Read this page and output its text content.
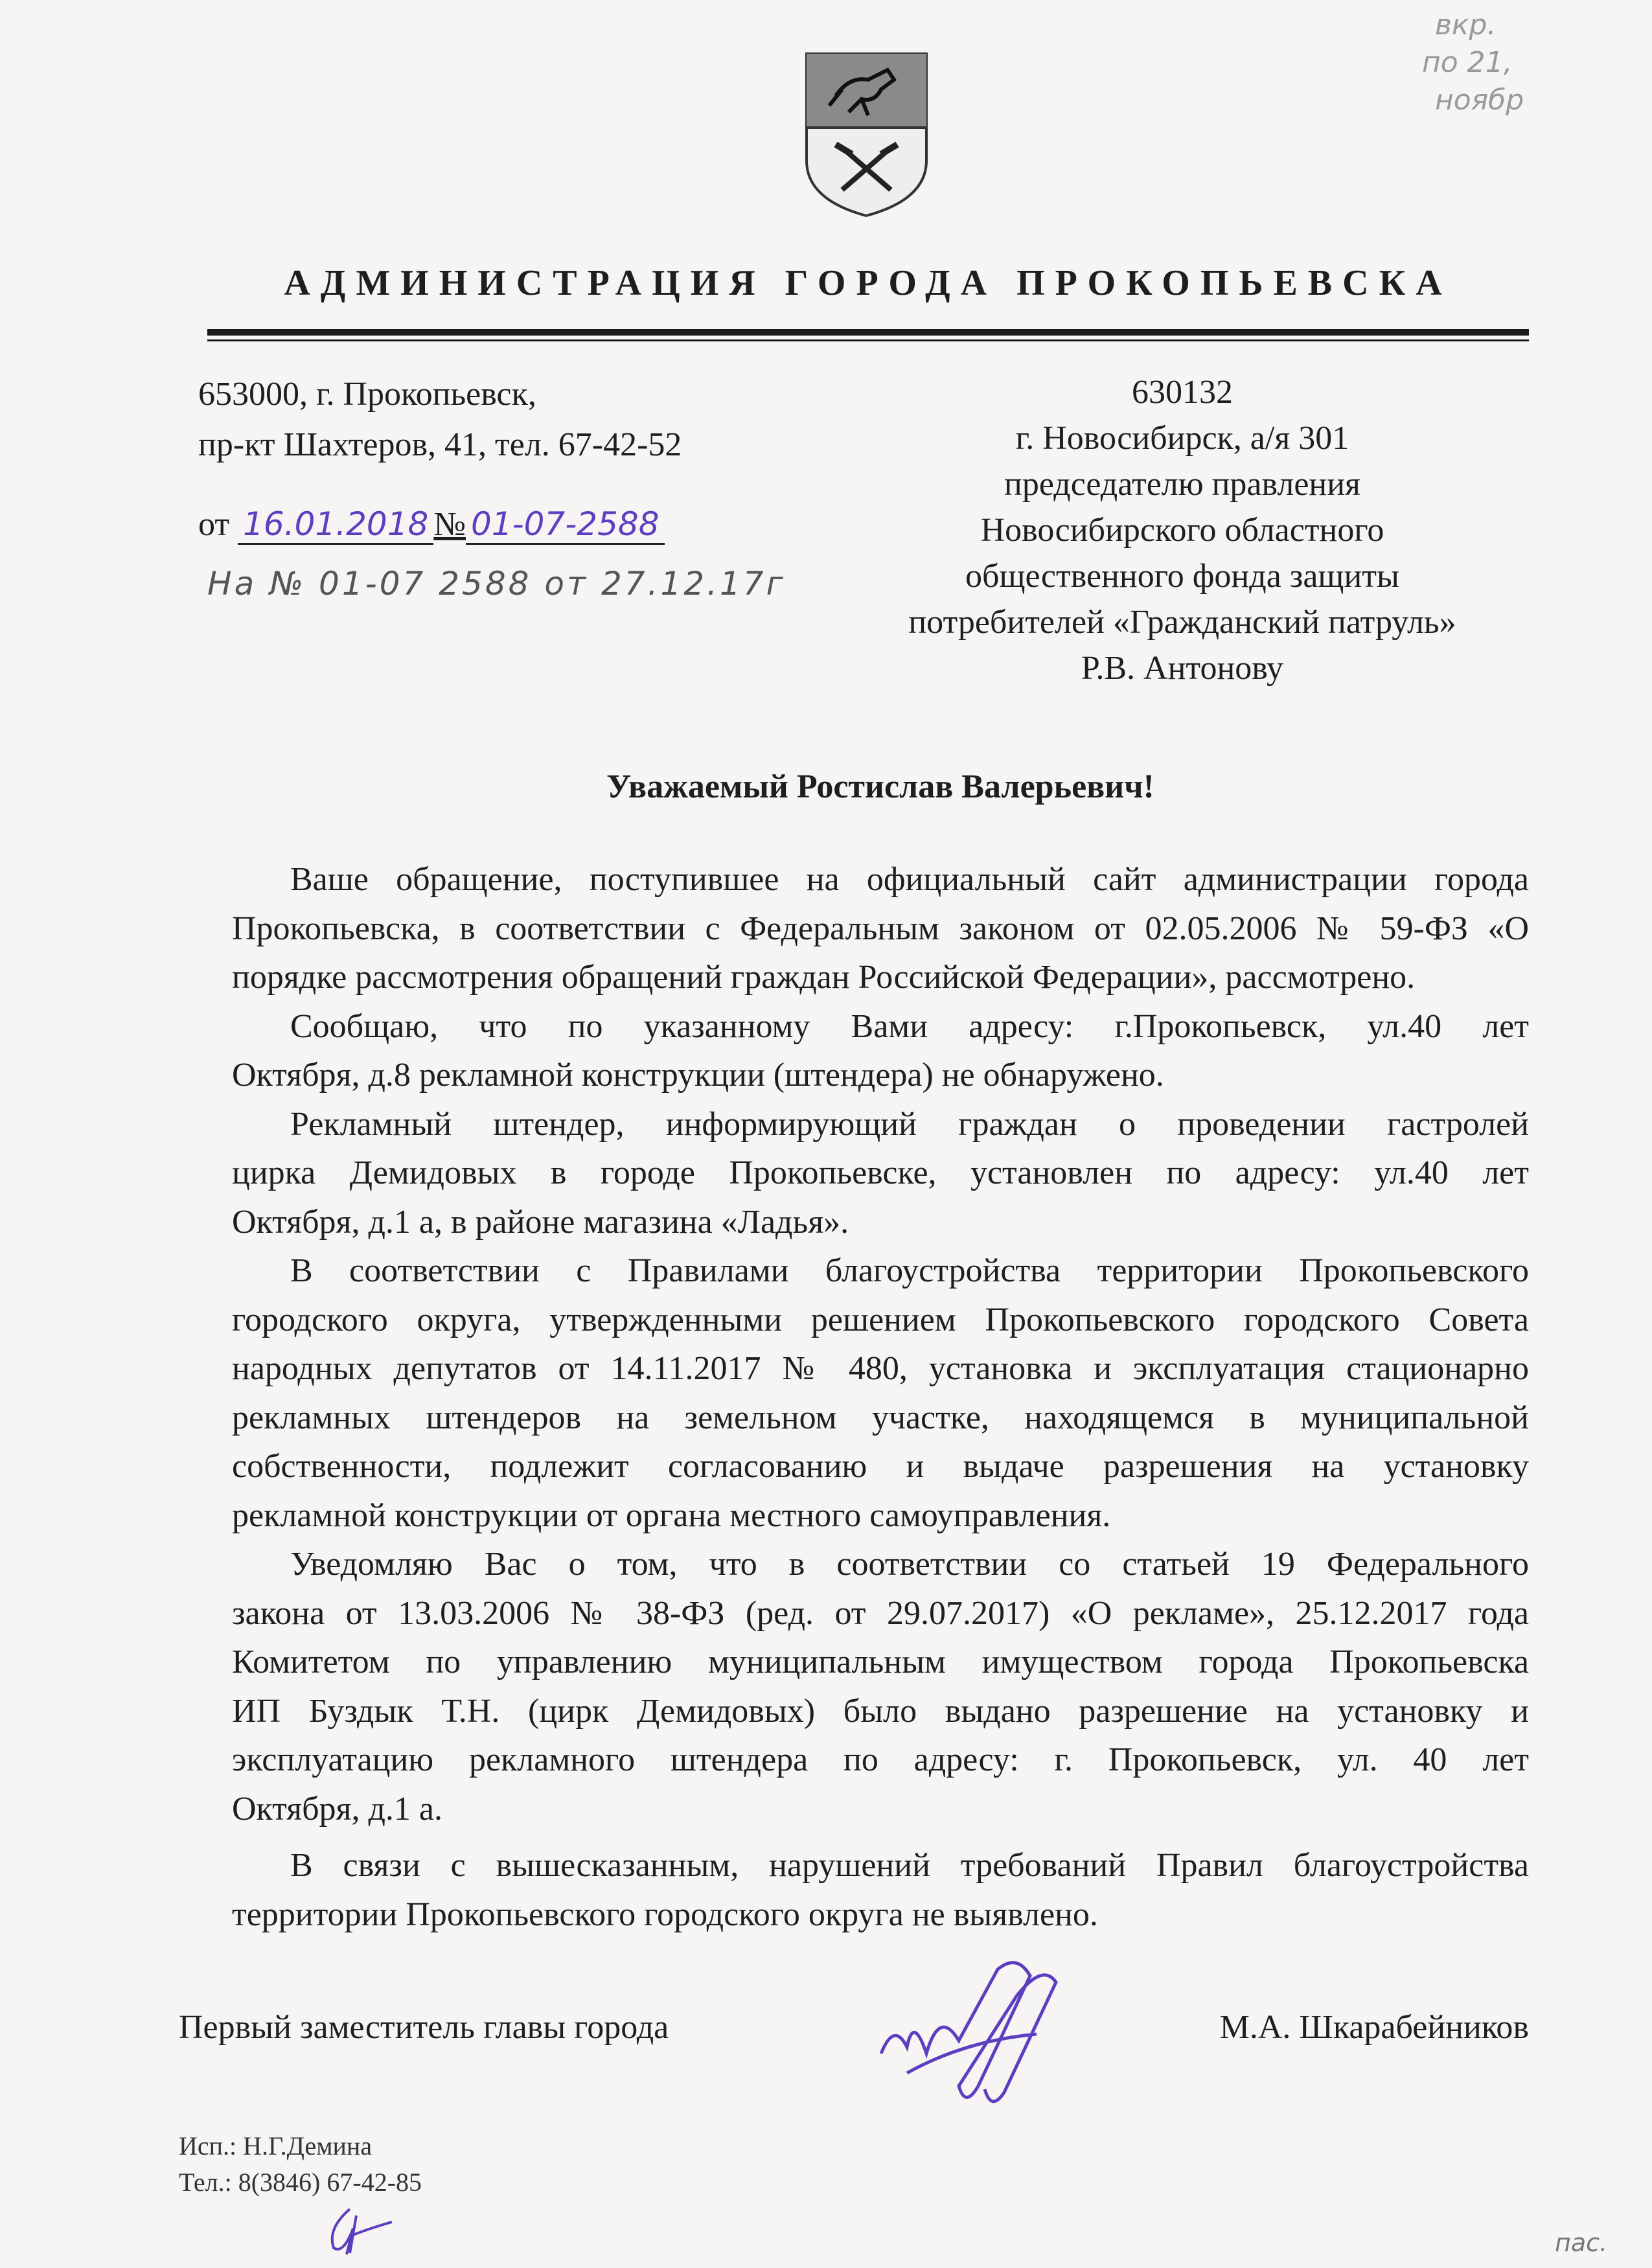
вкр.
по 21,
ноябр
АДМИНИСТРАЦИЯ ГОРОДА ПРОКОПЬЕВСКА
653000, г. Прокопьевск,
пр-кт Шахтеров, 41, тел. 67-42-52
от 16.01.2018 № 01-07-2588
На № 01-07 2588 от 27.12.17г
630132
г. Новосибирск, а/я 301
председателю правления
Новосибирского областного
общественного фонда защиты
потребителей «Гражданский патруль»
Р.В. Антонову
Уважаемый Ростислав Валерьевич!
Ваше обращение, поступившее на официальный сайт администрации города
Прокопьевска, в соответствии с Федеральным законом от 02.05.2006 № 59-ФЗ «О
порядке рассмотрения обращений граждан Российской Федерации», рассмотрено.
Сообщаю, что по указанному Вами адресу: г.Прокопьевск, ул.40 лет
Октября, д.8 рекламной конструкции (штендера) не обнаружено.
Рекламный штендер, информирующий граждан о проведении гастролей
цирка Демидовых в городе Прокопьевске, установлен по адресу: ул.40 лет
Октября, д.1 а, в районе магазина «Ладья».
В соответствии с Правилами благоустройства территории Прокопьевского
городского округа, утвержденными решением Прокопьевского городского Совета
народных депутатов от 14.11.2017 № 480, установка и эксплуатация стационарно
рекламных штендеров на земельном участке, находящемся в муниципальной
собственности, подлежит согласованию и выдаче разрешения на установку
рекламной конструкции от органа местного самоуправления.
Уведомляю Вас о том, что в соответствии со статьей 19 Федерального
закона от 13.03.2006 № 38-ФЗ (ред. от 29.07.2017) «О рекламе», 25.12.2017 года
Комитетом по управлению муниципальным имуществом города Прокопьевска
ИП Буздык Т.Н. (цирк Демидовых) было выдано разрешение на установку и
эксплуатацию рекламного штендера по адресу: г. Прокопьевск, ул. 40 лет
Октября, д.1 а.
В связи с вышесказанным, нарушений требований Правил благоустройства
территории Прокопьевского городского округа не выявлено.
Первый заместитель главы города	М.А. Шкарабейников
Исп.: Н.Г.Демина
Тел.: 8(3846) 67-42-85
пас.
